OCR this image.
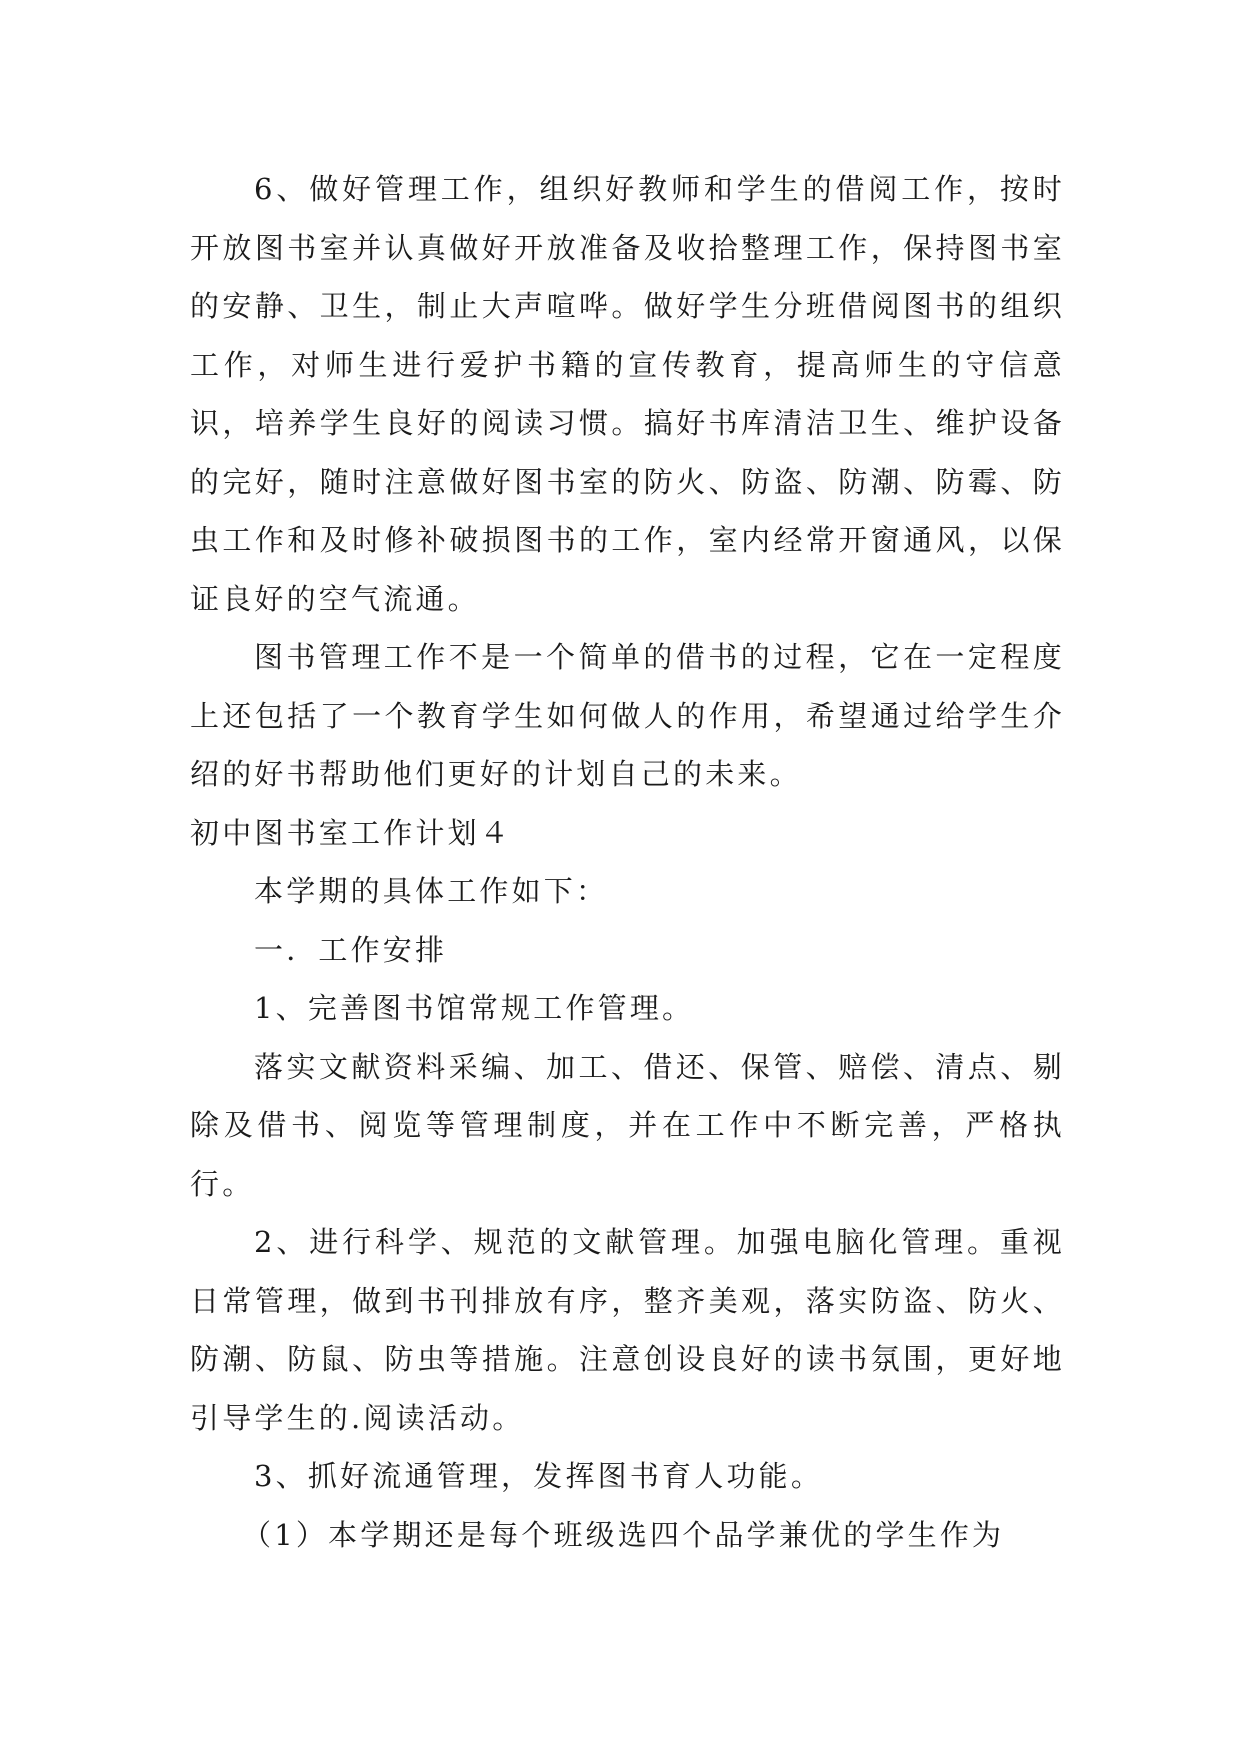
6、做好管理工作，组织好教师和学生的借阅工作，按时开放图书室并认真做好开放准备及收拾整理工作，保持图书室的安静、卫生，制止大声喧哗。做好学生分班借阅图书的组织工作，对师生进行爱护书籍的宣传教育，提高师生的守信意识，培养学生良好的阅读习惯。搞好书库清洁卫生、维护设备的完好，随时注意做好图书室的防火、防盗、防潮、防霉、防虫工作和及时修补破损图书的工作，室内经常开窗通风，以保证良好的空气流通。

图书管理工作不是一个简单的借书的过程，它在一定程度上还包括了一个教育学生如何做人的作用，希望通过给学生介绍的好书帮助他们更好的计划自己的未来。

初中图书室工作计划４

本学期的具体工作如下：

一．工作安排

1、完善图书馆常规工作管理。

落实文献资料采编、加工、借还、保管、赔偿、清点、剔除及借书、阅览等管理制度，并在工作中不断完善，严格执行。

2、进行科学、规范的文献管理。加强电脑化管理。重视日常管理，做到书刊排放有序，整齐美观，落实防盗、防火、防潮、防鼠、防虫等措施。注意创设良好的读书氛围，更好地引导学生的.阅读活动。

3、抓好流通管理，发挥图书育人功能。

（1）本学期还是每个班级选四个品学兼优的学生作为
